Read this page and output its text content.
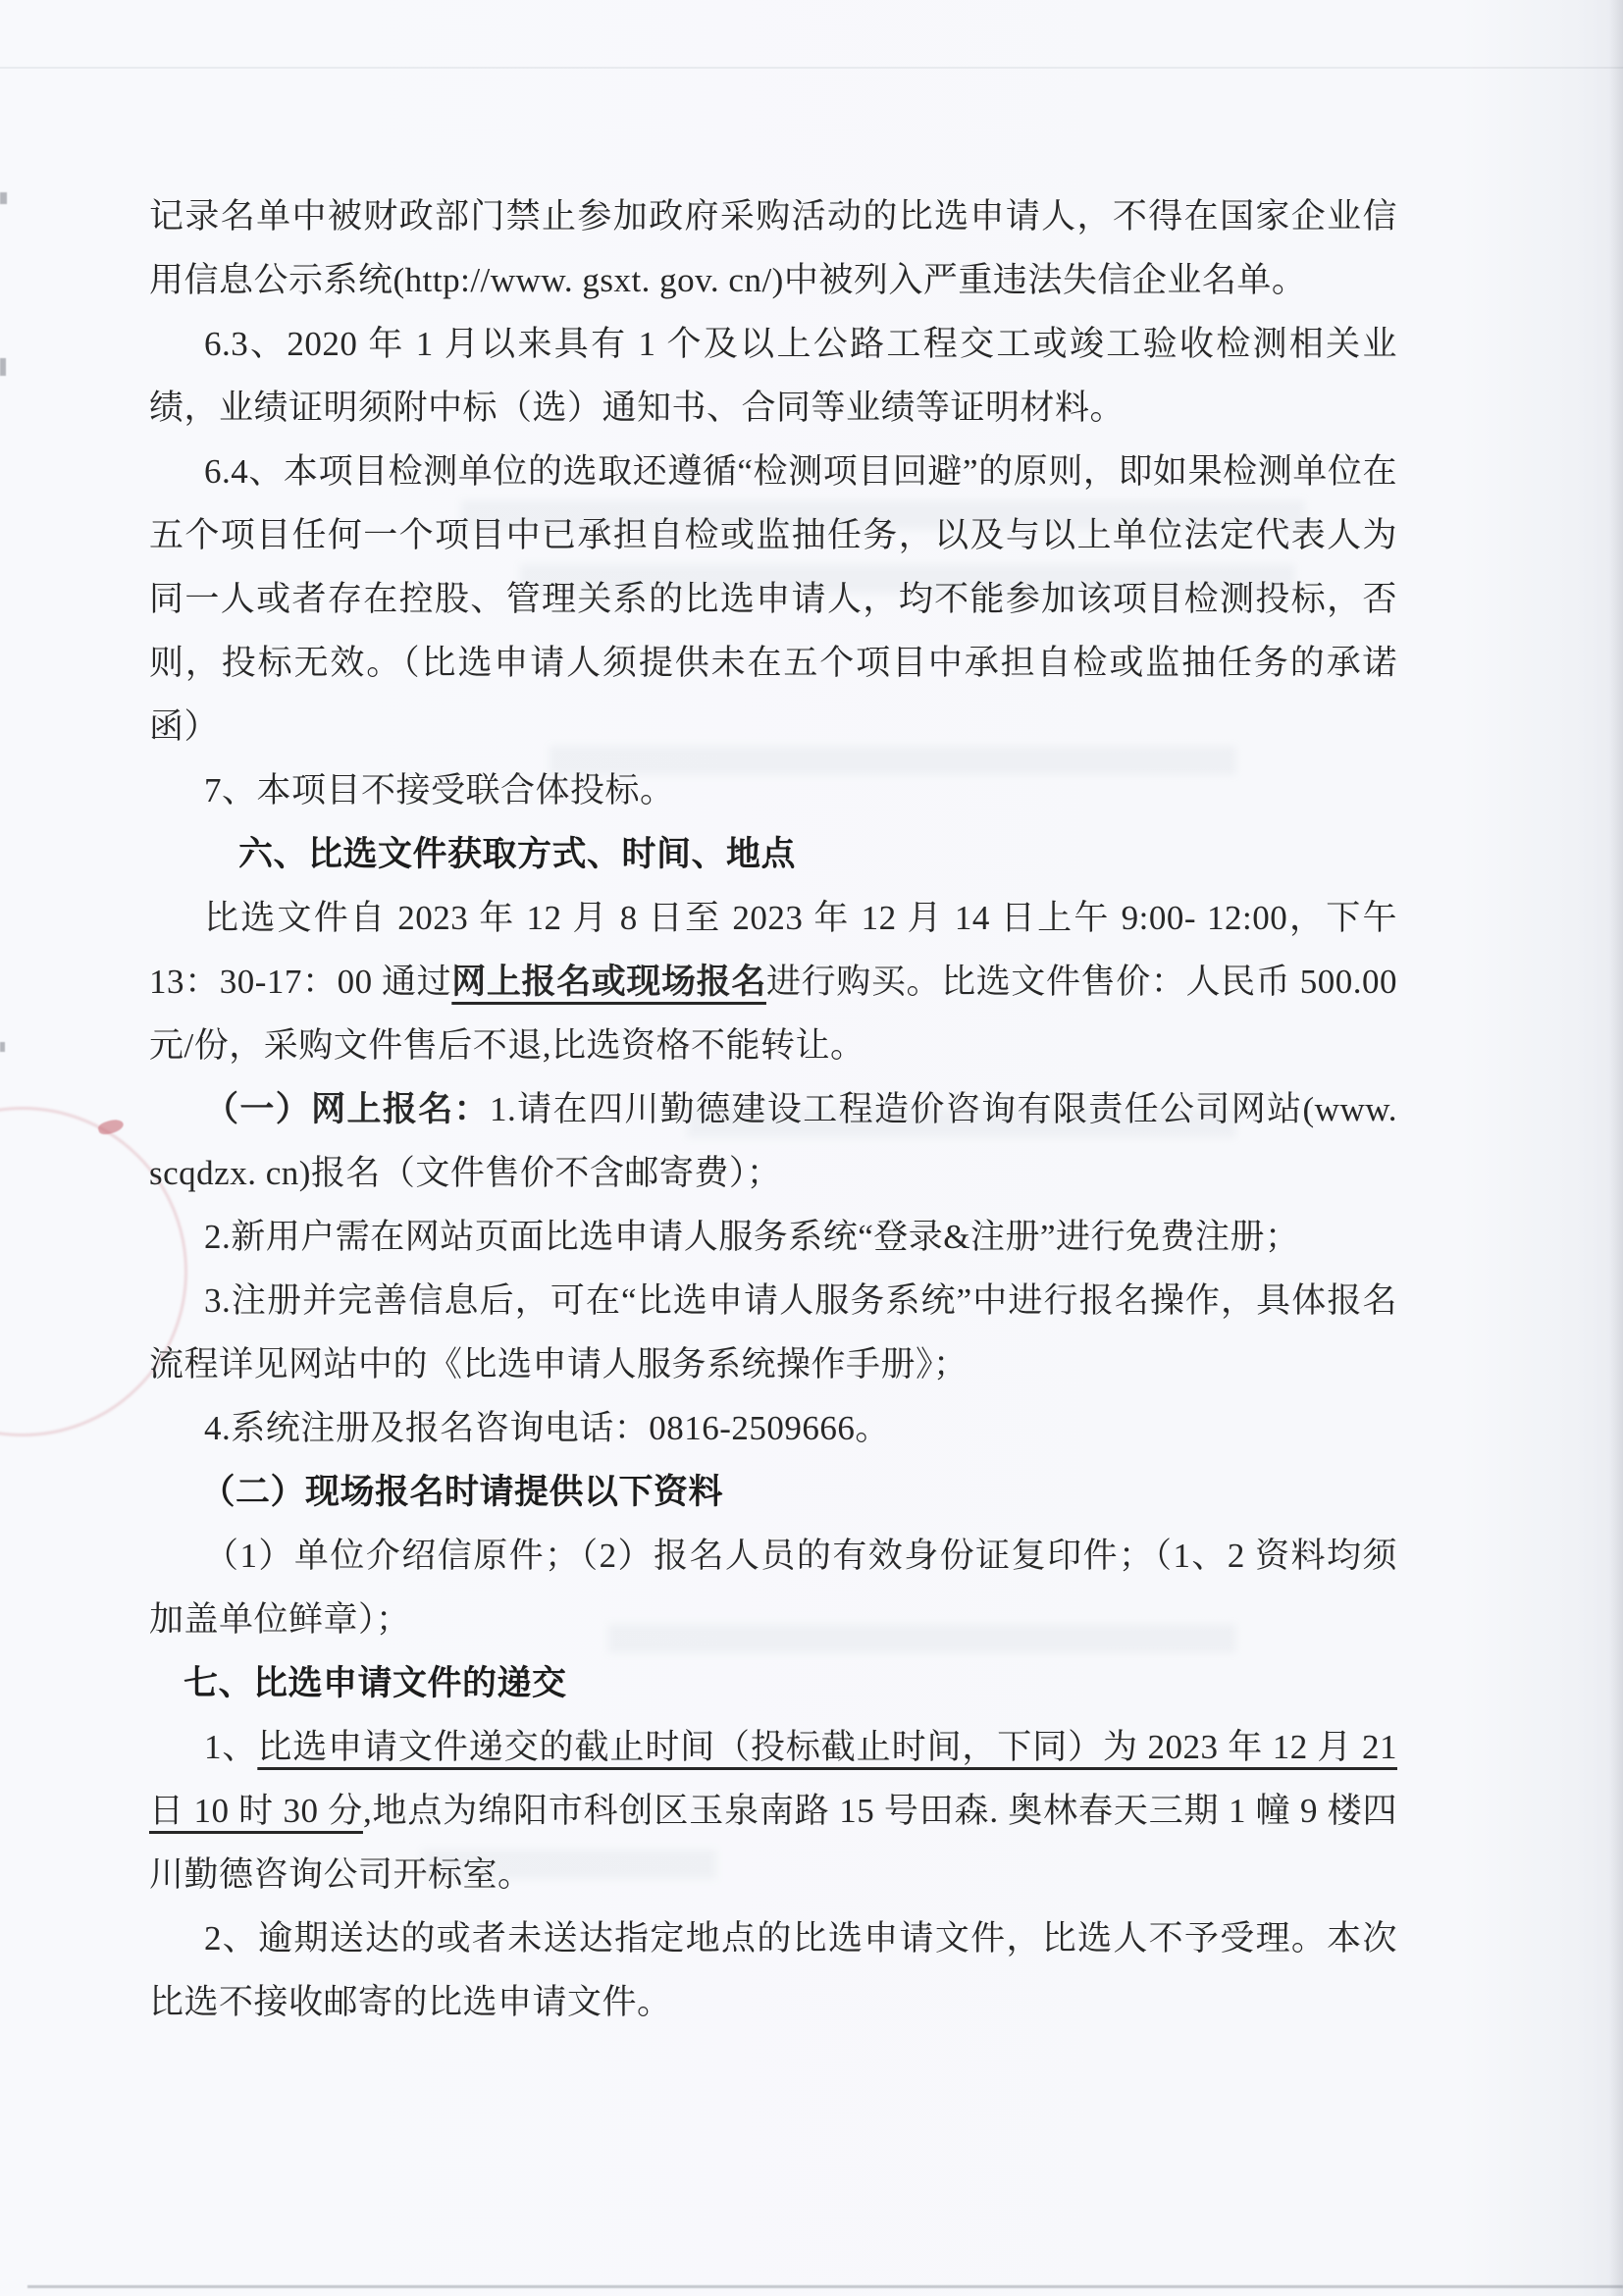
记录名单中被财政部门禁止参加政府采购活动的比选申请人，不得在国家企业信用信息公示系统(http://www. gsxt. gov. cn/)中被列入严重违法失信企业名单。

6.3、2020 年 1 月以来具有 1 个及以上公路工程交工或竣工验收检测相关业绩，业绩证明须附中标（选）通知书、合同等业绩等证明材料。

6.4、本项目检测单位的选取还遵循“检测项目回避”的原则，即如果检测单位在五个项目任何一个项目中已承担自检或监抽任务，以及与以上单位法定代表人为同一人或者存在控股、管理关系的比选申请人，均不能参加该项目检测投标，否则，投标无效。（比选申请人须提供未在五个项目中承担自检或监抽任务的承诺函）

7、本项目不接受联合体投标。

六、比选文件获取方式、时间、地点

比选文件自 2023 年 12 月 8 日至 2023 年 12 月 14 日上午 9:00- 12:00，下午 13：30-17：00 通过网上报名或现场报名进行购买。比选文件售价：人民币 500.00 元/份，采购文件售后不退,比选资格不能转让。

（一）网上报名：1.请在四川勤德建设工程造价咨询有限责任公司网站(www. scqdzx. cn)报名（文件售价不含邮寄费）；

2.新用户需在网站页面比选申请人服务系统“登录&注册”进行免费注册；

3.注册并完善信息后，可在“比选申请人服务系统”中进行报名操作，具体报名流程详见网站中的《比选申请人服务系统操作手册》；

4.系统注册及报名咨询电话：0816-2509666。

（二）现场报名时请提供以下资料

（1）单位介绍信原件；（2）报名人员的有效身份证复印件；（1、2 资料均须加盖单位鲜章）；

七、比选申请文件的递交

1、比选申请文件递交的截止时间（投标截止时间，下同）为 2023 年 12 月 21 日 10 时 30 分,地点为绵阳市科创区玉泉南路 15 号田森. 奥林春天三期 1 幢 9 楼四川勤德咨询公司开标室。

2、逾期送达的或者未送达指定地点的比选申请文件，比选人不予受理。本次比选不接收邮寄的比选申请文件。
